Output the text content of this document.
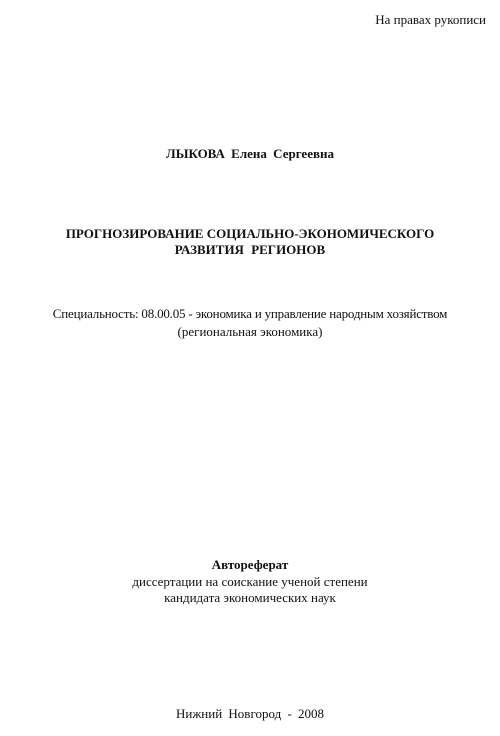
На правах рукописи
ЛЫКОВА Елена Сергеевна
ПРОГНОЗИРОВАНИЕ СОЦИАЛЬНО-ЭКОНОМИЧЕСКОГО
РАЗВИТИЯ РЕГИОНОВ
Специальность: 08.00.05 - экономика и управление народным хозяйством
(региональная экономика)
Автореферат
диссертации на соискание ученой степени
кандидата экономических наук
Нижний Новгород - 2008
